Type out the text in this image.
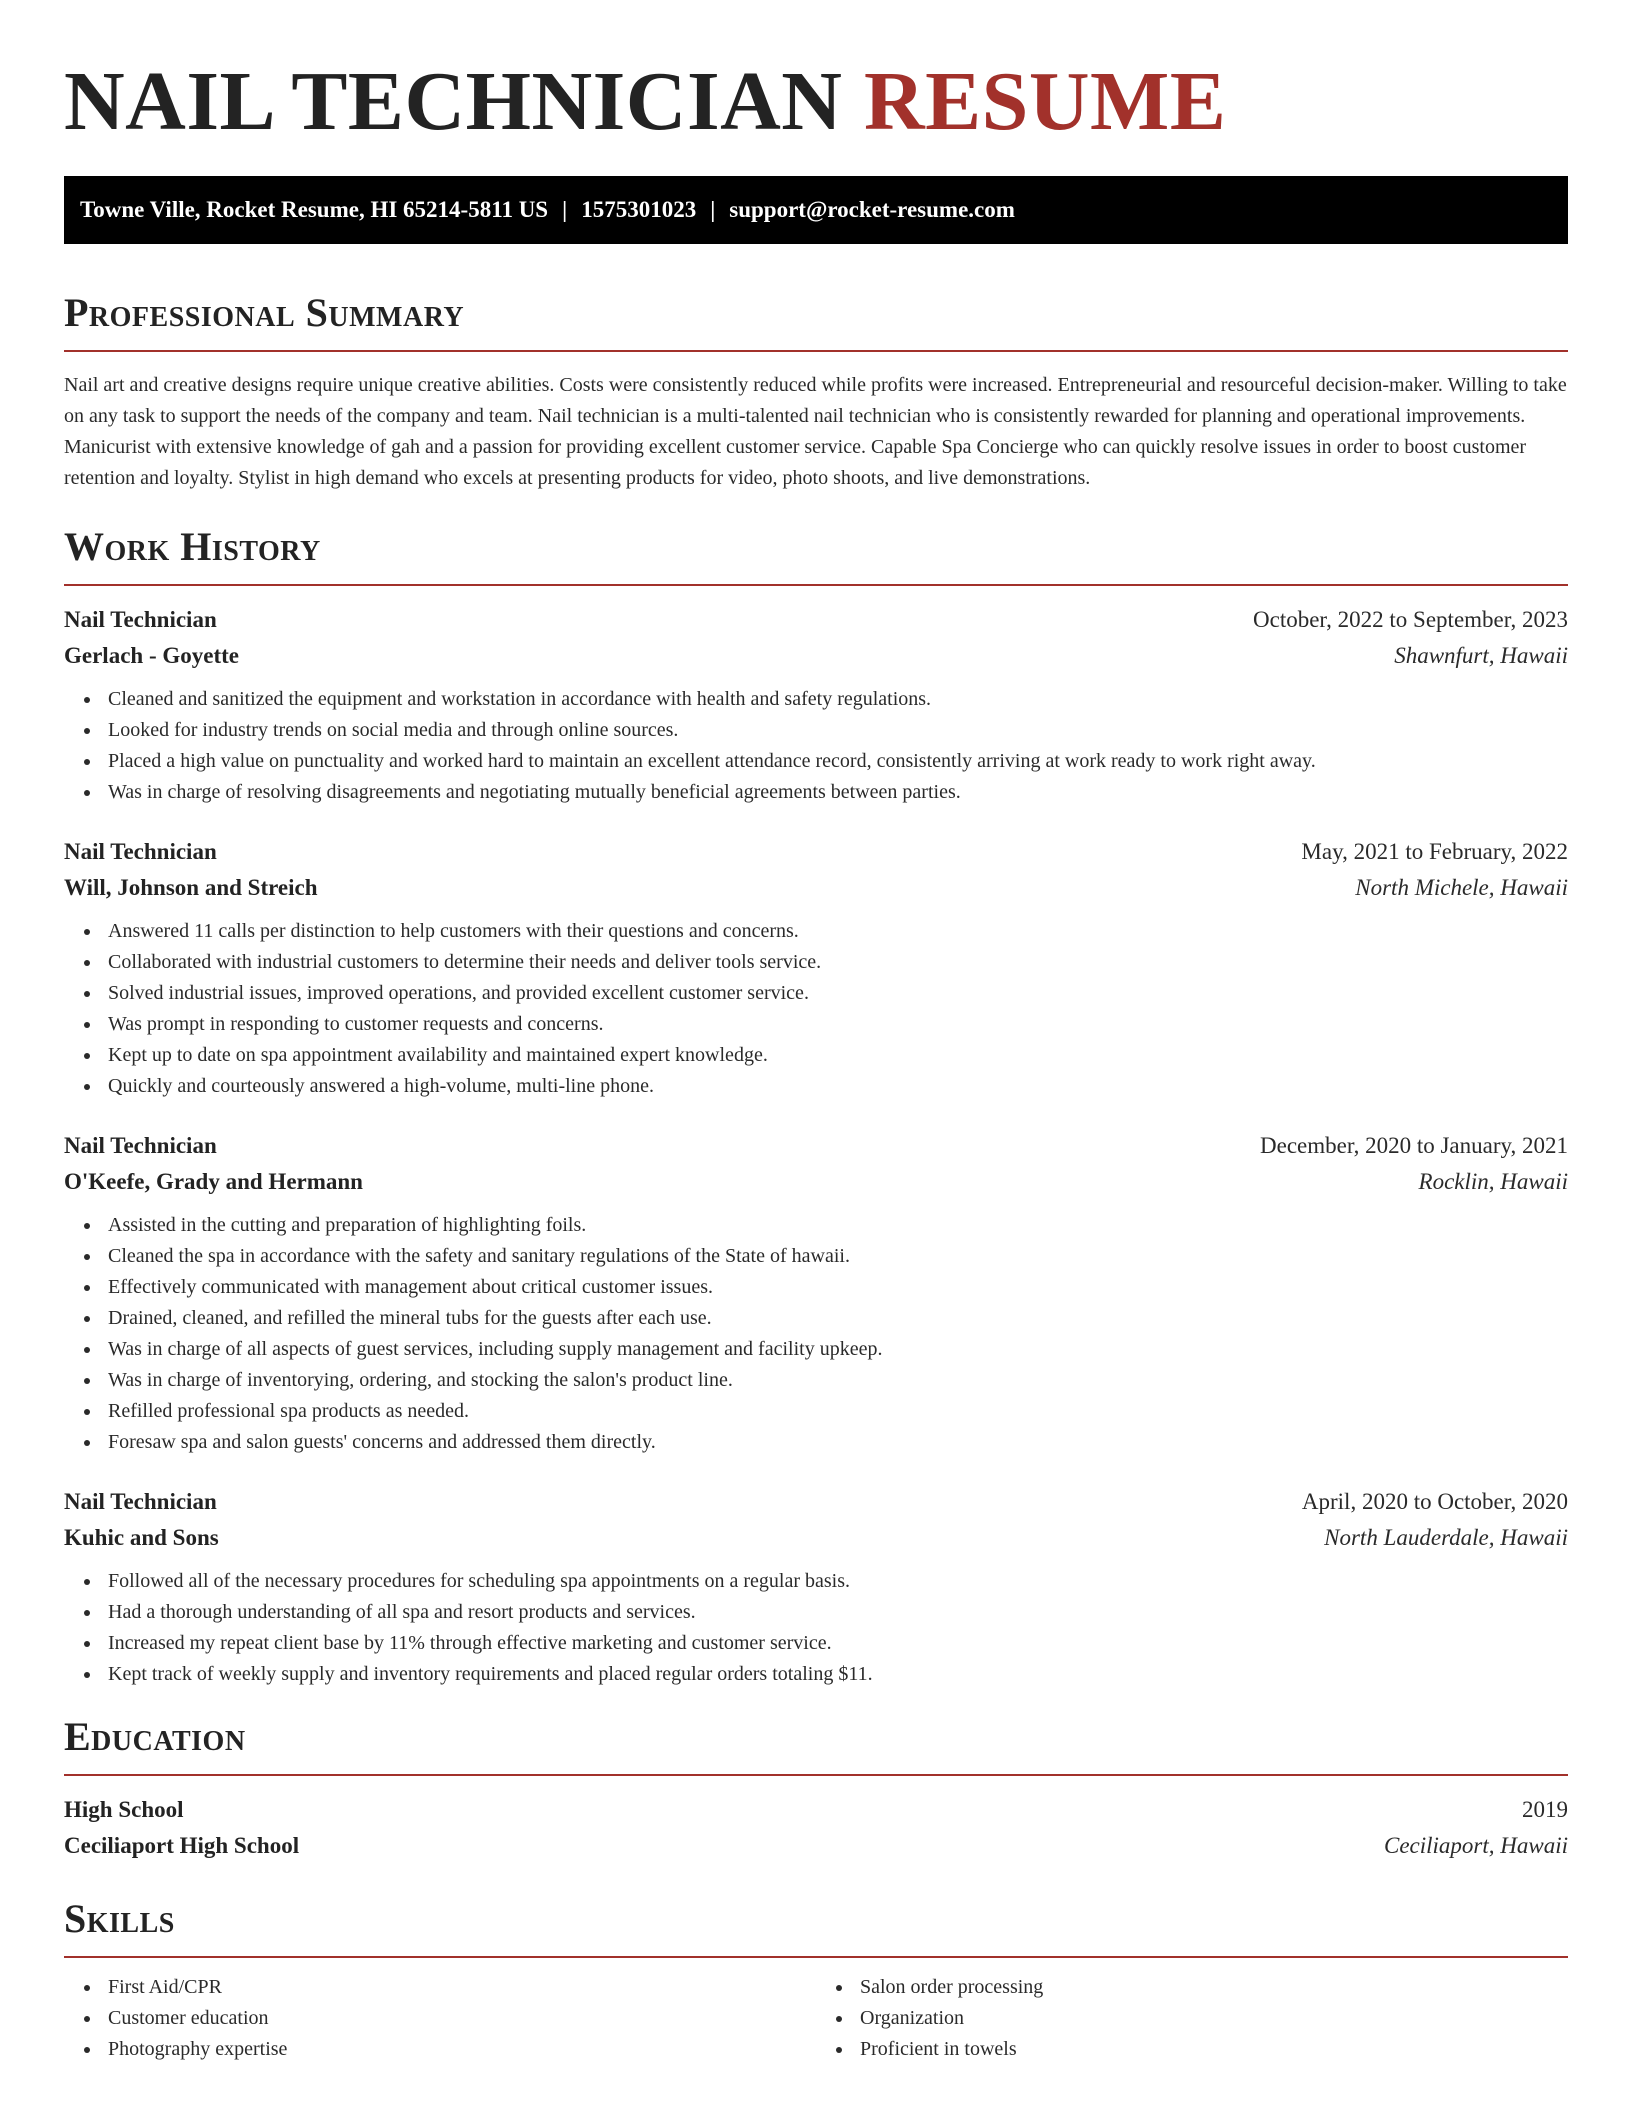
NAIL TECHNICIAN RESUME
Towne Ville, Rocket Resume, HI 65214-5811 US | 1575301023 | support@rocket-resume.com
Professional Summary

Nail art and creative designs require unique creative abilities. Costs were consistently reduced while profits were increased. Entrepreneurial and resourceful decision-maker. Willing to take on any task to support the needs of the company and team. Nail technician is a multi-talented nail technician who is consistently rewarded for planning and operational improvements. Manicurist with extensive knowledge of gah and a passion for providing excellent customer service. Capable Spa Concierge who can quickly resolve issues in order to boost customer retention and loyalty. Stylist in high demand who excels at presenting products for video, photo shoots, and live demonstrations.

Work History
Nail Technician	October, 2022 to September, 2023
Gerlach - Goyette	Shawnfurt, Hawaii
Cleaned and sanitized the equipment and workstation in accordance with health and safety regulations.
Looked for industry trends on social media and through online sources.
Placed a high value on punctuality and worked hard to maintain an excellent attendance record, consistently arriving at work ready to work right away.
Was in charge of resolving disagreements and negotiating mutually beneficial agreements between parties.
Nail Technician	May, 2021 to February, 2022
Will, Johnson and Streich	North Michele, Hawaii
Answered 11 calls per distinction to help customers with their questions and concerns.
Collaborated with industrial customers to determine their needs and deliver tools service.
Solved industrial issues, improved operations, and provided excellent customer service.
Was prompt in responding to customer requests and concerns.
Kept up to date on spa appointment availability and maintained expert knowledge.
Quickly and courteously answered a high-volume, multi-line phone.
Nail Technician	December, 2020 to January, 2021
O'Keefe, Grady and Hermann	Rocklin, Hawaii
Assisted in the cutting and preparation of highlighting foils.
Cleaned the spa in accordance with the safety and sanitary regulations of the State of hawaii.
Effectively communicated with management about critical customer issues.
Drained, cleaned, and refilled the mineral tubs for the guests after each use.
Was in charge of all aspects of guest services, including supply management and facility upkeep.
Was in charge of inventorying, ordering, and stocking the salon's product line.
Refilled professional spa products as needed.
Foresaw spa and salon guests' concerns and addressed them directly.
Nail Technician	April, 2020 to October, 2020
Kuhic and Sons	North Lauderdale, Hawaii
Followed all of the necessary procedures for scheduling spa appointments on a regular basis.
Had a thorough understanding of all spa and resort products and services.
Increased my repeat client base by 11% through effective marketing and customer service.
Kept track of weekly supply and inventory requirements and placed regular orders totaling $11.
Education
High School	2019
Ceciliaport High School	Ceciliaport, Hawaii
Skills
First Aid/CPR
Customer education
Photography expertise
Salon order processing
Organization
Proficient in towels
